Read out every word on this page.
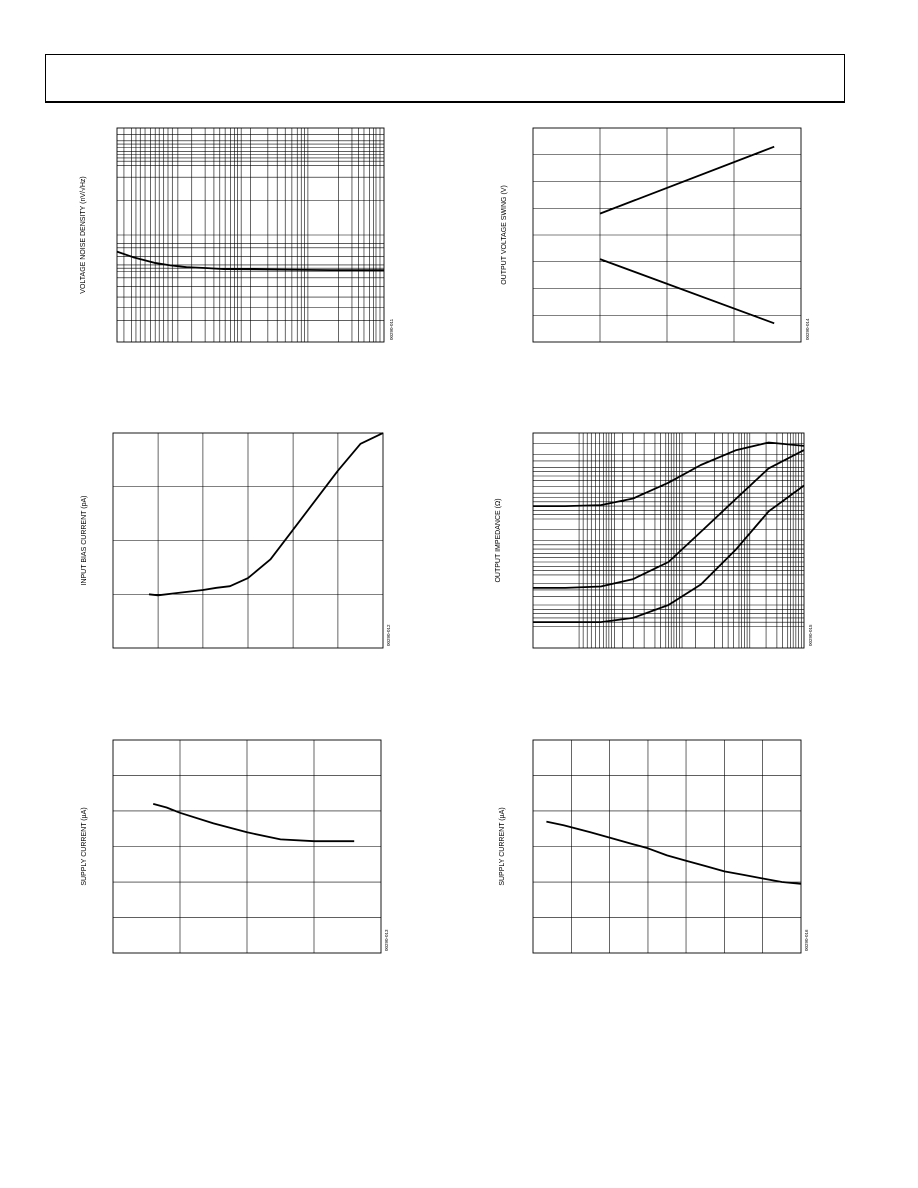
VOLTAGE NOISE DENSITY (nV/√Hz)
00290-011
OUTPUT VOLTAGE SWING (V)
00290-014
INPUT BIAS CURRENT (pA)
00290-012
OUTPUT IMPEDANCE (Ω)
00290-015
SUPPLY CURRENT (µA)
00290-013
SUPPLY CURRENT (µA)
00290-016
